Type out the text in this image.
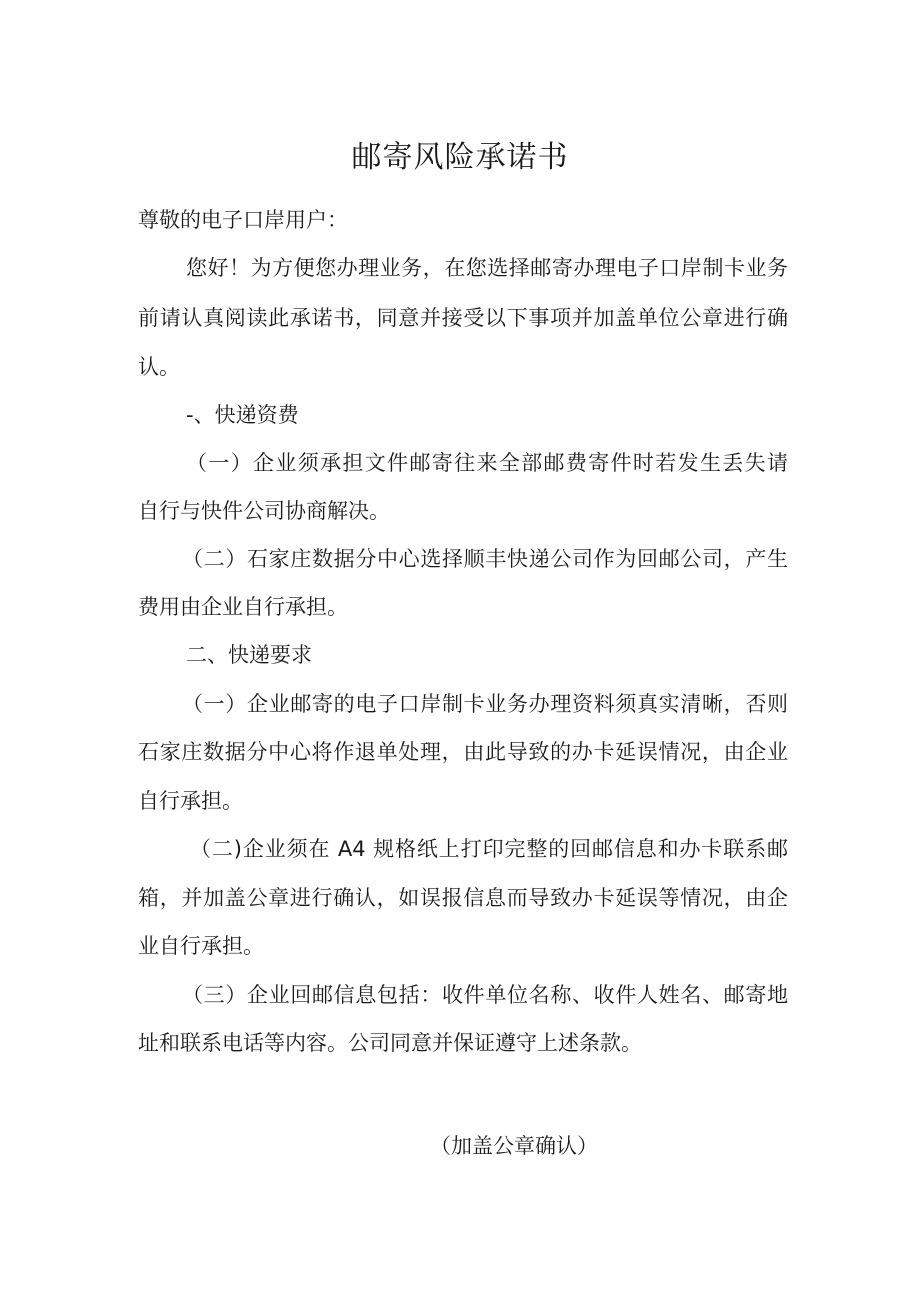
邮寄风险承诺书
尊敬的电子口岸用户：
您好！为方便您办理业务，在您选择邮寄办理电子口岸制卡业务
前请认真阅读此承诺书，同意并接受以下事项并加盖单位公章进行确
认。
-、快递资费
（一）企业须承担文件邮寄往来全部邮费寄件时若发生丢失请
自行与快件公司协商解决。
（二）石家庄数据分中心选择顺丰快递公司作为回邮公司，产生
费用由企业自行承担。
二、快递要求
（一）企业邮寄的电子口岸制卡业务办理资料须真实清晰，否则
石家庄数据分中心将作退单处理，由此导致的办卡延误情况，由企业
自行承担。
（二)企业须在 A4 规格纸上打印完整的回邮信息和办卡联系邮
箱，并加盖公章进行确认，如误报信息而导致办卡延误等情况，由企
业自行承担。
（三）企业回邮信息包括：收件单位名称、收件人姓名、邮寄地
址和联系电话等内容。公司同意并保证遵守上述条款。
（加盖公章确认）
